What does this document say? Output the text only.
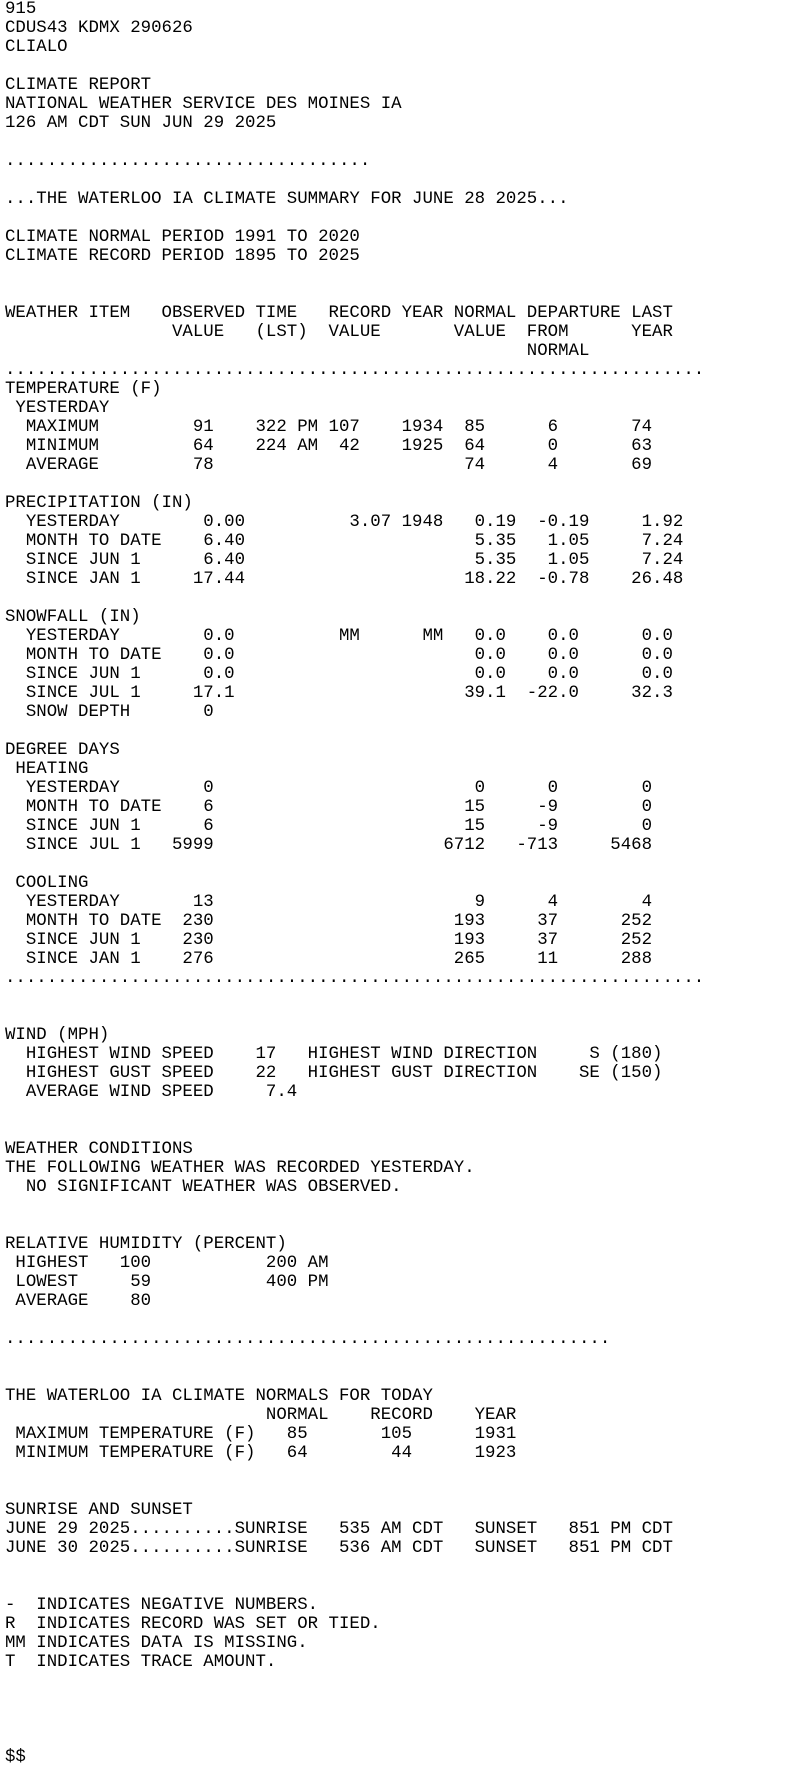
915
CDUS43 KDMX 290626
CLIALO
CLIMATE REPORT
NATIONAL WEATHER SERVICE DES MOINES IA
126 AM CDT SUN JUN 29 2025
...................................
...THE WATERLOO IA CLIMATE SUMMARY FOR JUNE 28 2025...
CLIMATE NORMAL PERIOD 1991 TO 2020
CLIMATE RECORD PERIOD 1895 TO 2025
WEATHER ITEM   OBSERVED TIME   RECORD YEAR NORMAL DEPARTURE LAST
VALUE   (LST)  VALUE       VALUE  FROM      YEAR
NORMAL
...................................................................
TEMPERATURE (F)
YESTERDAY
MAXIMUM         91    322 PM 107    1934  85      6       74
MINIMUM         64    224 AM  42    1925  64      0       63
AVERAGE         78                        74      4       69
PRECIPITATION (IN)
YESTERDAY        0.00          3.07 1948   0.19  -0.19     1.92
MONTH TO DATE    6.40                      5.35   1.05     7.24
SINCE JUN 1      6.40                      5.35   1.05     7.24
SINCE JAN 1     17.44                     18.22  -0.78    26.48
SNOWFALL (IN)
YESTERDAY        0.0          MM      MM   0.0    0.0      0.0
MONTH TO DATE    0.0                       0.0    0.0      0.0
SINCE JUN 1      0.0                       0.0    0.0      0.0
SINCE JUL 1     17.1                      39.1  -22.0     32.3
SNOW DEPTH       0
DEGREE DAYS
HEATING
YESTERDAY        0                         0      0        0
MONTH TO DATE    6                        15     -9        0
SINCE JUN 1      6                        15     -9        0
SINCE JUL 1   5999                      6712   -713     5468
COOLING
YESTERDAY       13                         9      4        4
MONTH TO DATE  230                       193     37      252
SINCE JUN 1    230                       193     37      252
SINCE JAN 1    276                       265     11      288
...................................................................
WIND (MPH)
HIGHEST WIND SPEED    17   HIGHEST WIND DIRECTION     S (180)
HIGHEST GUST SPEED    22   HIGHEST GUST DIRECTION    SE (150)
AVERAGE WIND SPEED     7.4
WEATHER CONDITIONS
THE FOLLOWING WEATHER WAS RECORDED YESTERDAY.
NO SIGNIFICANT WEATHER WAS OBSERVED.
RELATIVE HUMIDITY (PERCENT)
HIGHEST   100           200 AM
LOWEST     59           400 PM
AVERAGE    80
..........................................................
THE WATERLOO IA CLIMATE NORMALS FOR TODAY
NORMAL    RECORD    YEAR
MAXIMUM TEMPERATURE (F)   85       105      1931
MINIMUM TEMPERATURE (F)   64        44      1923
SUNRISE AND SUNSET
JUNE 29 2025..........SUNRISE   535 AM CDT   SUNSET   851 PM CDT
JUNE 30 2025..........SUNRISE   536 AM CDT   SUNSET   851 PM CDT
-  INDICATES NEGATIVE NUMBERS.
R  INDICATES RECORD WAS SET OR TIED.
MM INDICATES DATA IS MISSING.
T  INDICATES TRACE AMOUNT.
$$
